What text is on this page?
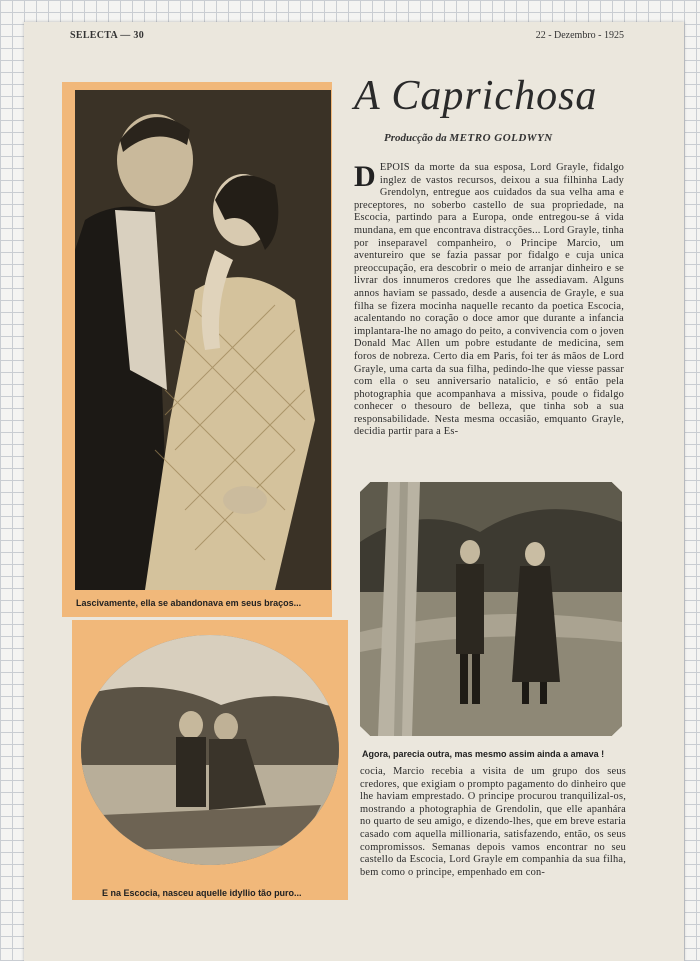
SELECTA — 30	22 - Dezembro - 1925
Lascivamente, ella se abandonava em seus braços...
E na Escocia, nasceu aquelle idyllio tão puro...
A Caprichosa
Producção da METRO GOLDWYN
D EPOIS da morte da sua esposa, Lord Grayle, fidalgo inglez de vastos recursos, deixou a sua filhinha Lady Grendolyn, entregue aos cuidados da sua velha ama e preceptores, no soberbo castello de sua propriedade, na Escocia, partindo para a Europa, onde entregou-se á vida mundana, em que encontrava distracções... Lord Grayle, tinha por inseparavel companheiro, o Principe Marcio, um aventureiro que se fazia passar por fidalgo e cuja unica preoccupação, era descobrir o meio de arranjar dinheiro e se livrar dos innumeros credores que lhe assediavam. Alguns annos haviam se passado, desde a ausencia de Grayle, e sua filha se fizera mocinha naquelle recanto da poetica Escocia, acalentando no coração o doce amor que durante a infancia implantara-lhe no amago do peito, a convivencia com o joven Donald Mac Allen um pobre estudante de medicina, sem foros de nobreza. Certo dia em Paris, foi ter ás mãos de Lord Grayle, uma carta da sua filha, pedindo-lhe que viesse passar com ella o seu anniversario natalicio, e só então pela photographia que acompanhava a missiva, poude o fidalgo conhecer o thesouro de belleza, que tinha sob a sua responsabilidade. Nesta mesma occasião, emquanto Grayle, decidia partir para a Es-
Agora, parecia outra, mas mesmo assim ainda a amava !
cocia, Marcio recebia a visita de um grupo dos seus credores, que exigiam o prompto pagamento do dinheiro que lhe haviam emprestado. O principe procurou tranquilizal-os, mostrando a photographia de Grendolin, que elle apanhára no quarto de seu amigo, e dizendo-lhes, que em breve estaria casado com aquella millionaria, satisfazendo, então, os seus compromissos. Semanas depois vamos encontrar no seu castello da Escocia, Lord Grayle em companhia da sua filha, bem como o principe, empenhado em con-
